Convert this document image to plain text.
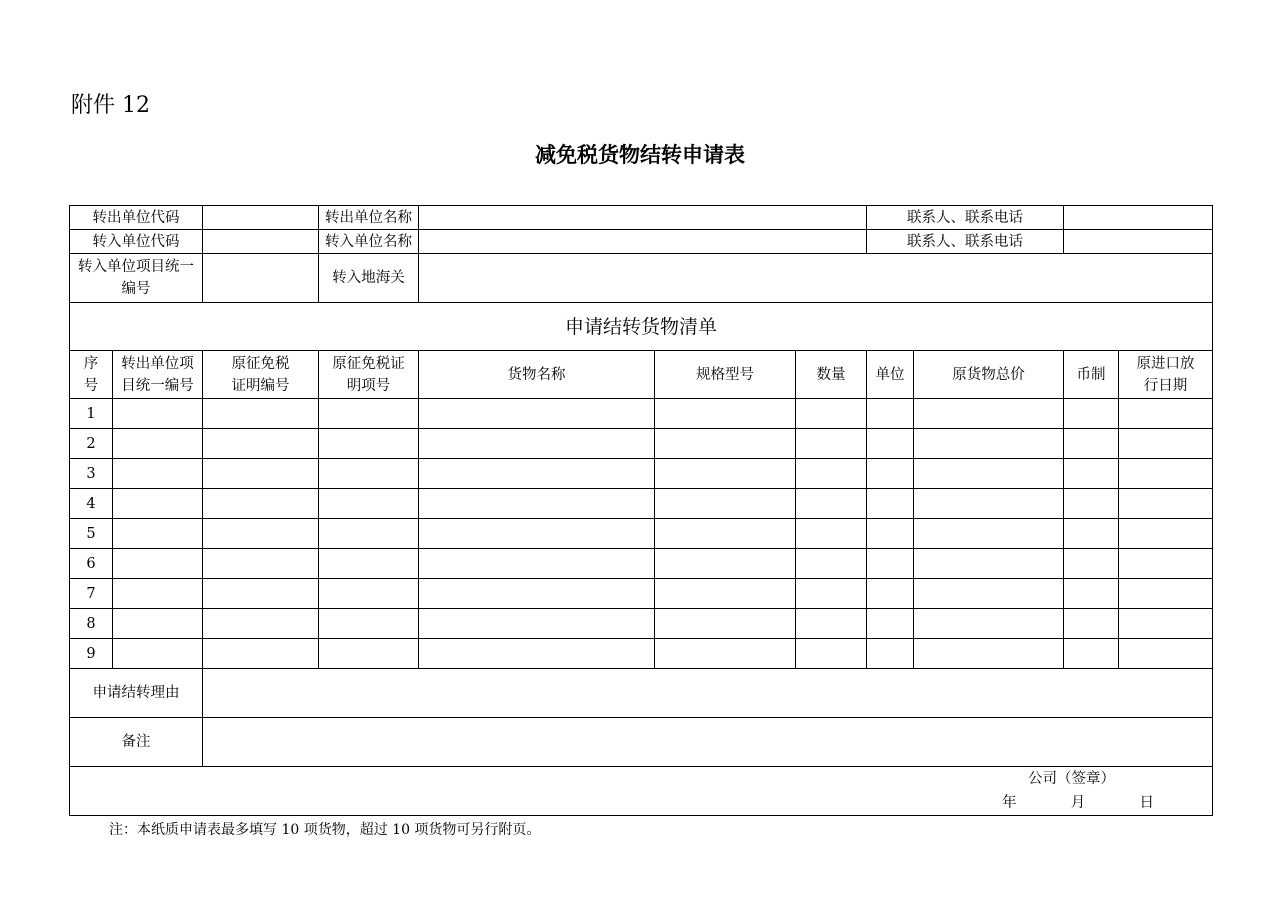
附件 12
减免税货物结转申请表
转出单位代码			转出单位名称				联系人、联系电话			
转入单位代码			转入单位名称				联系人、联系电话			
转入单位项目统一编号			转入地海关							
申请结转货物清单										
序号	转出单位项目统一编号	原征免税证明编号	原征免税证明项号	货物名称	规格型号	数量	单位	原货物总价	币制	原进口放行日期
1										
2										
3										
4										
5										
6										
7										
8										
9										
申请结转理由										
备注										

公司（签章）
年 月 日										
注：本纸质申请表最多填写 10 项货物，超过 10 项货物可另行附页。
